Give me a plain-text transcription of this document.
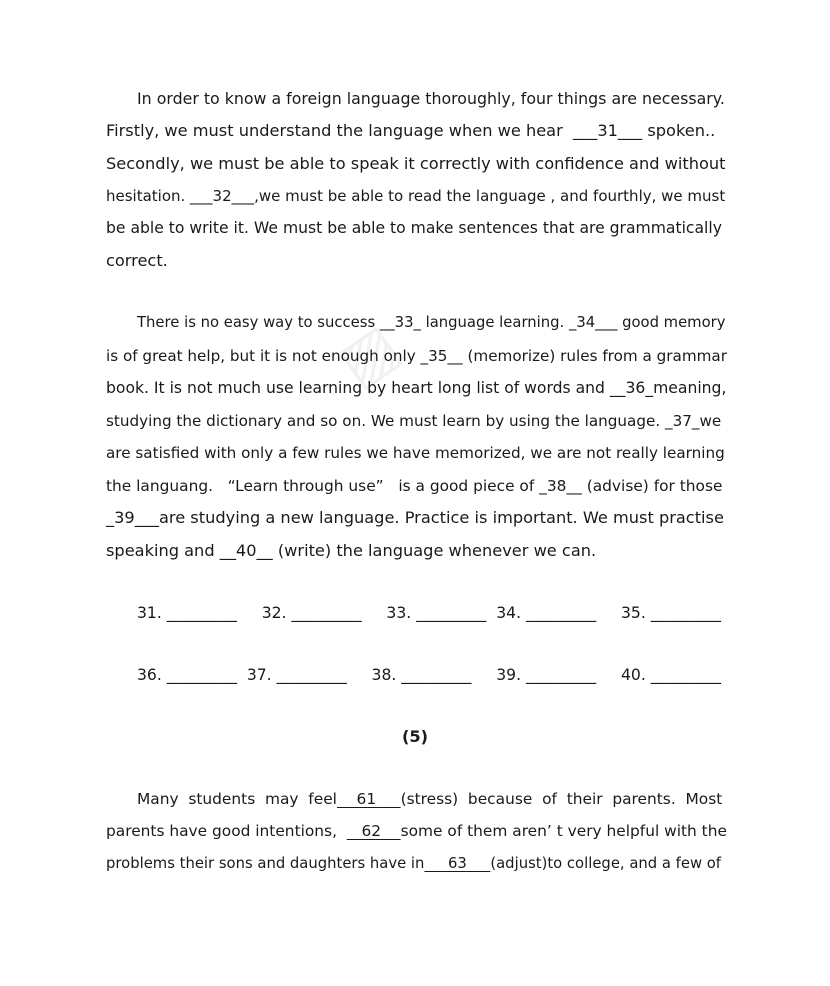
▨
In order to know a foreign language thoroughly, four things are necessary.
Firstly, we must understand the language when we hear  ___31___ spoken..
Secondly, we must be able to speak it correctly with confidence and without
hesitation. ___32___,we must be able to read the language , and fourthly, we must
be able to write it. We must be able to make sentences that are grammatically
correct.
There is no easy way to success __33_ language learning. _34___ good memory
is of great help, but it is not enough only _35__ (memorize) rules from a grammar
book. It is not much use learning by heart long list of words and __36_meaning,
studying the dictionary and so on. We must learn by using the language. _37_we
are satisfied with only a few rules we have memorized, we are not really learning
the languang.   “Learn through use”   is a good piece of _38__ (advise) for those
_39___are studying a new language. Practice is important. We must practise
speaking and __40__ (write) the language whenever we can.
31. _________     32. _________     33. _________  34. _________     35. _________
36. _________  37. _________     38. _________     39. _________     40. _________
(5)
Many  students  may  feel 61 (stress)  because  of  their  parents.  Most
parents have good intentions,     62 some of them aren’ t very helpful with the
problems their sons and daughters have in 63 (adjust)to college, and a few of
